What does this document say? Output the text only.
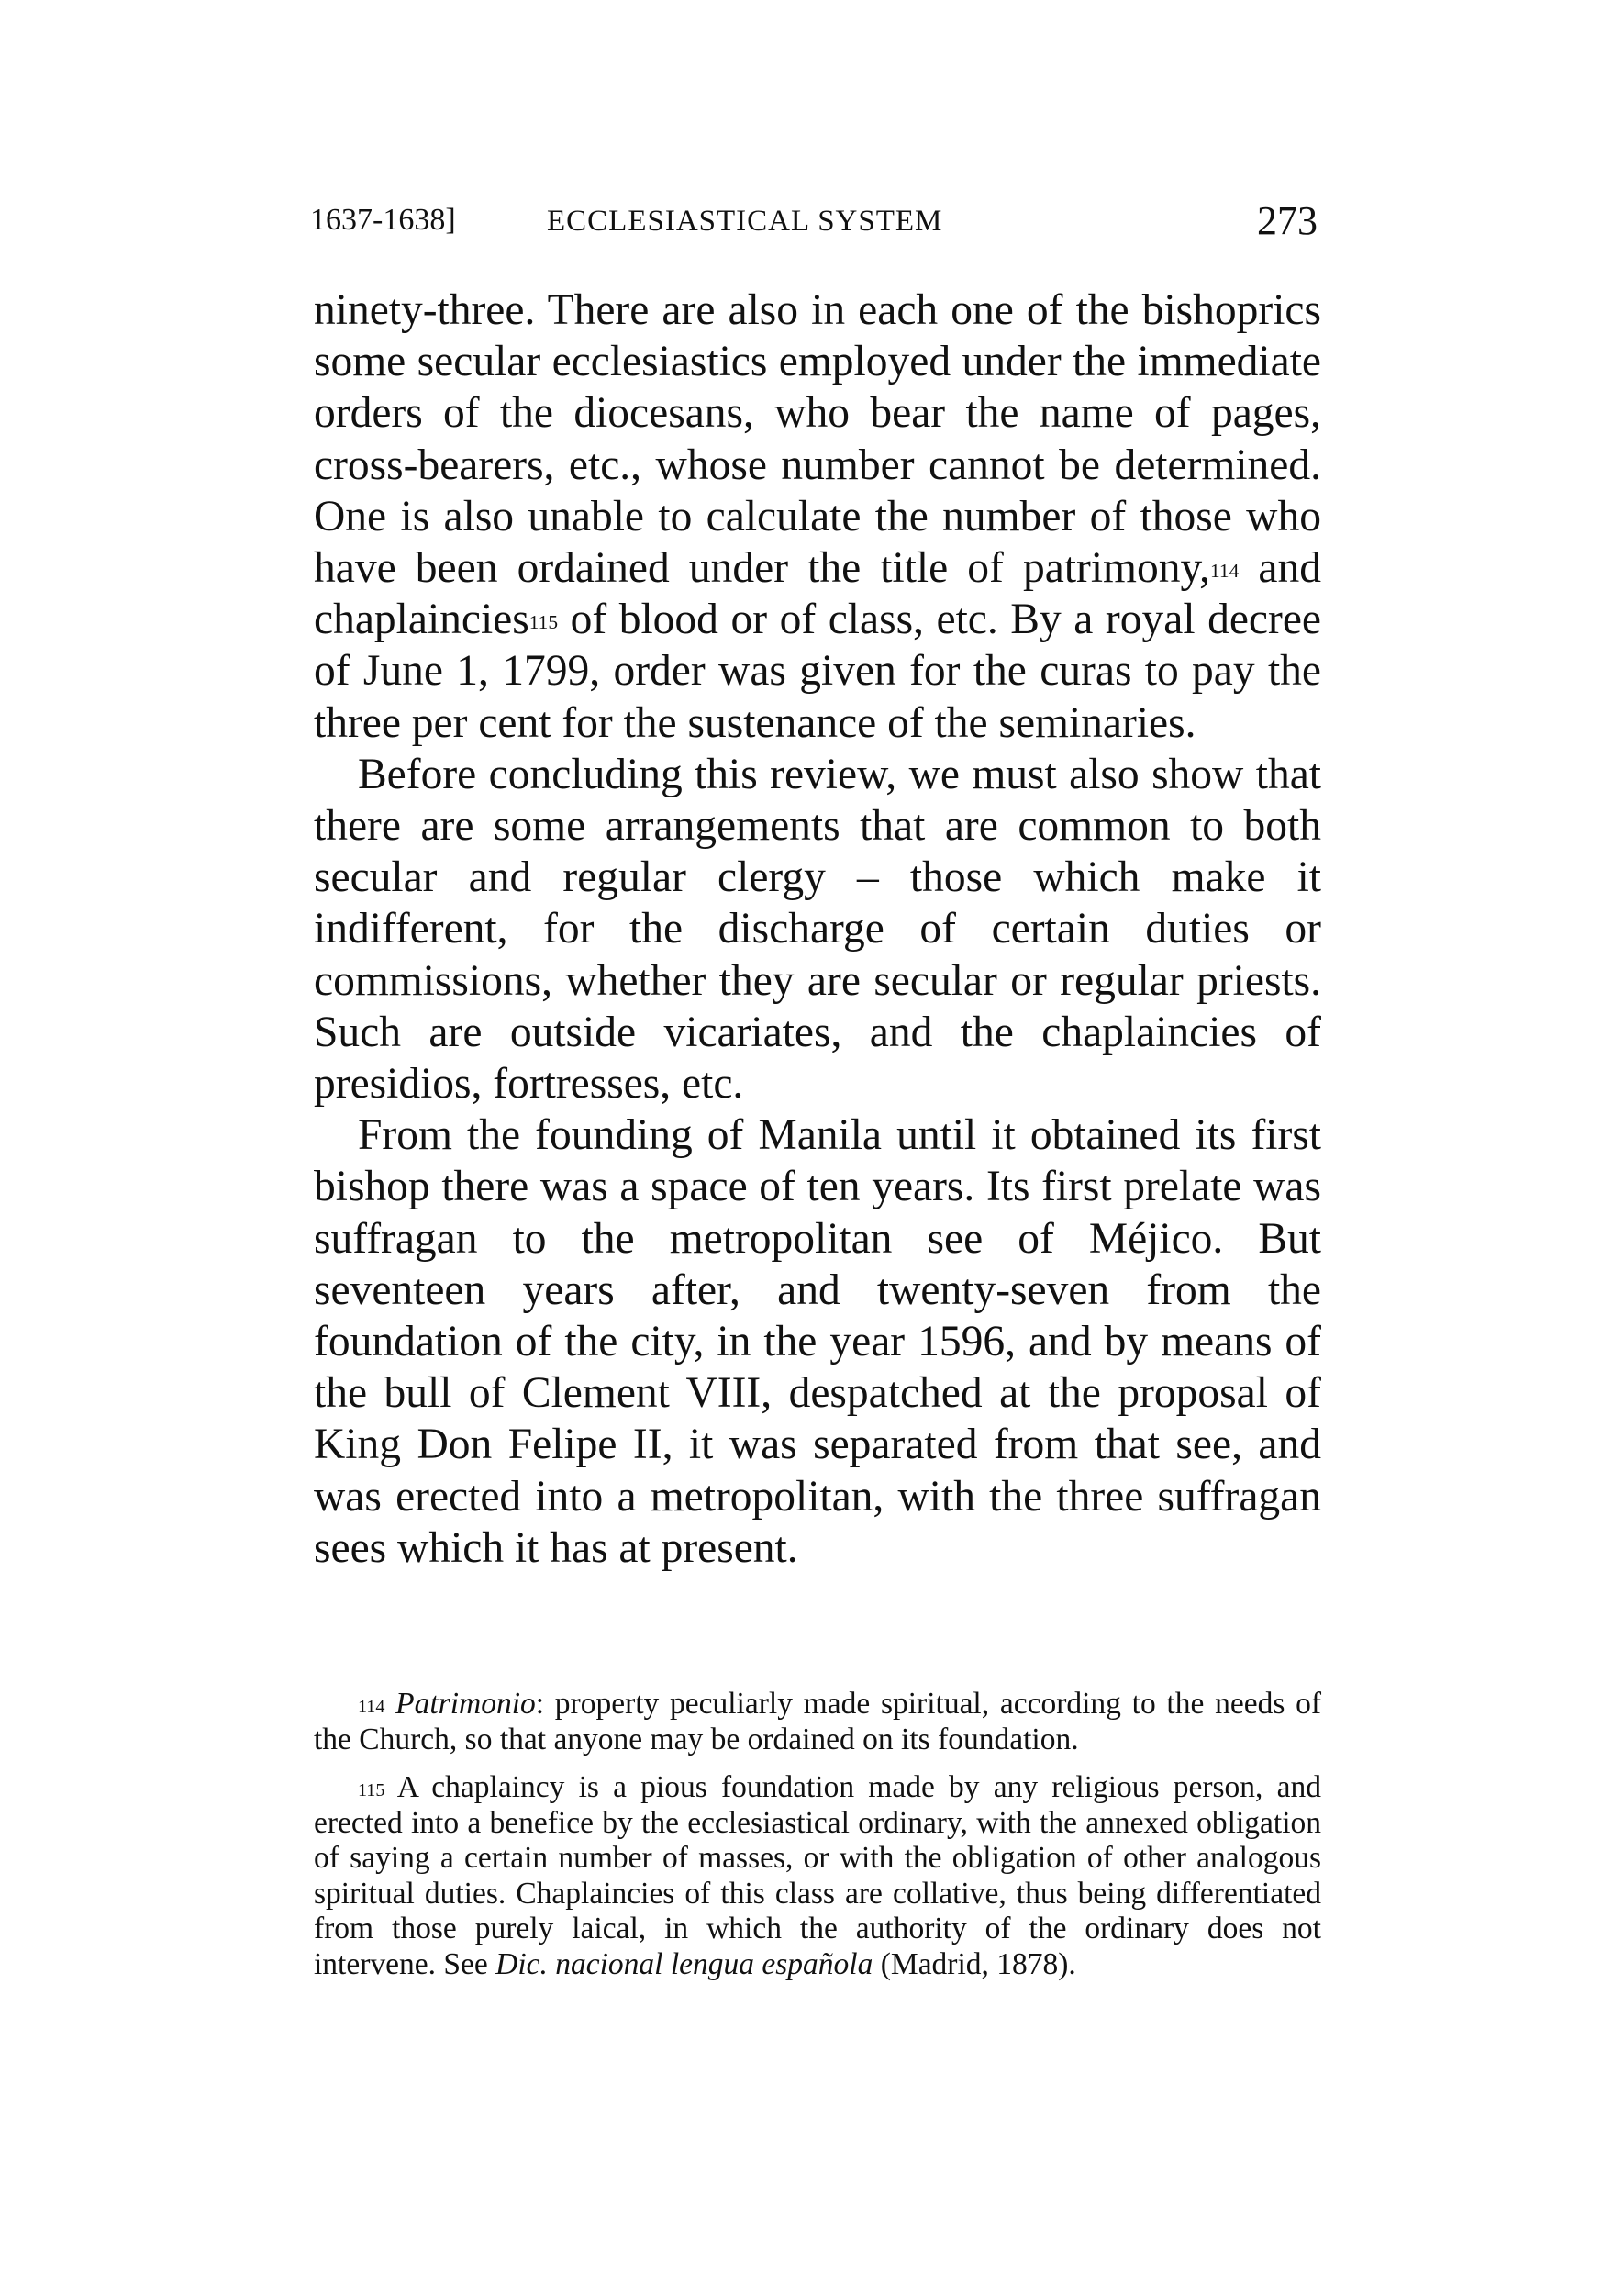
1637-1638]	ECCLESIASTICAL SYSTEM	273

ninety-three. There are also in each one of the bishoprics some secular ecclesiastics employed under the immediate orders of the diocesans, who bear the name of pages, cross-bearers, etc., whose number cannot be determined. One is also unable to calculate the number of those who have been ordained under the title of patrimony,$^{114}$ and chaplaincies$^{115}$ of blood or of class, etc. By a royal decree of June 1, 1799, order was given for the curas to pay the three per cent for the sustenance of the seminaries.

Before concluding this review, we must also show that there are some arrangements that are common to both secular and regular clergy – those which make it indifferent, for the discharge of certain duties or commissions, whether they are secular or regular priests. Such are outside vicariates, and the chaplaincies of presidios, fortresses, etc.

From the founding of Manila until it obtained its first bishop there was a space of ten years. Its first prelate was suffragan to the metropolitan see of Méjico. But seventeen years after, and twenty-seven from the foundation of the city, in the year 1596, and by means of the bull of Clement VIII, despatched at the proposal of King Don Felipe II, it was separated from that see, and was erected into a metropolitan, with the three suffragan sees which it has at present.

$^{114}$ Patrimonio: property peculiarly made spiritual, according to the needs of the Church, so that anyone may be ordained on its foundation.

$^{115}$ A chaplaincy is a pious foundation made by any religious person, and erected into a benefice by the ecclesiastical ordinary, with the annexed obligation of saying a certain number of masses, or with the obligation of other analogous spiritual duties. Chaplaincies of this class are collative, thus being differentiated from those purely laical, in which the authority of the ordinary does not intervene. See Dic. nacional lengua española (Madrid, 1878).
